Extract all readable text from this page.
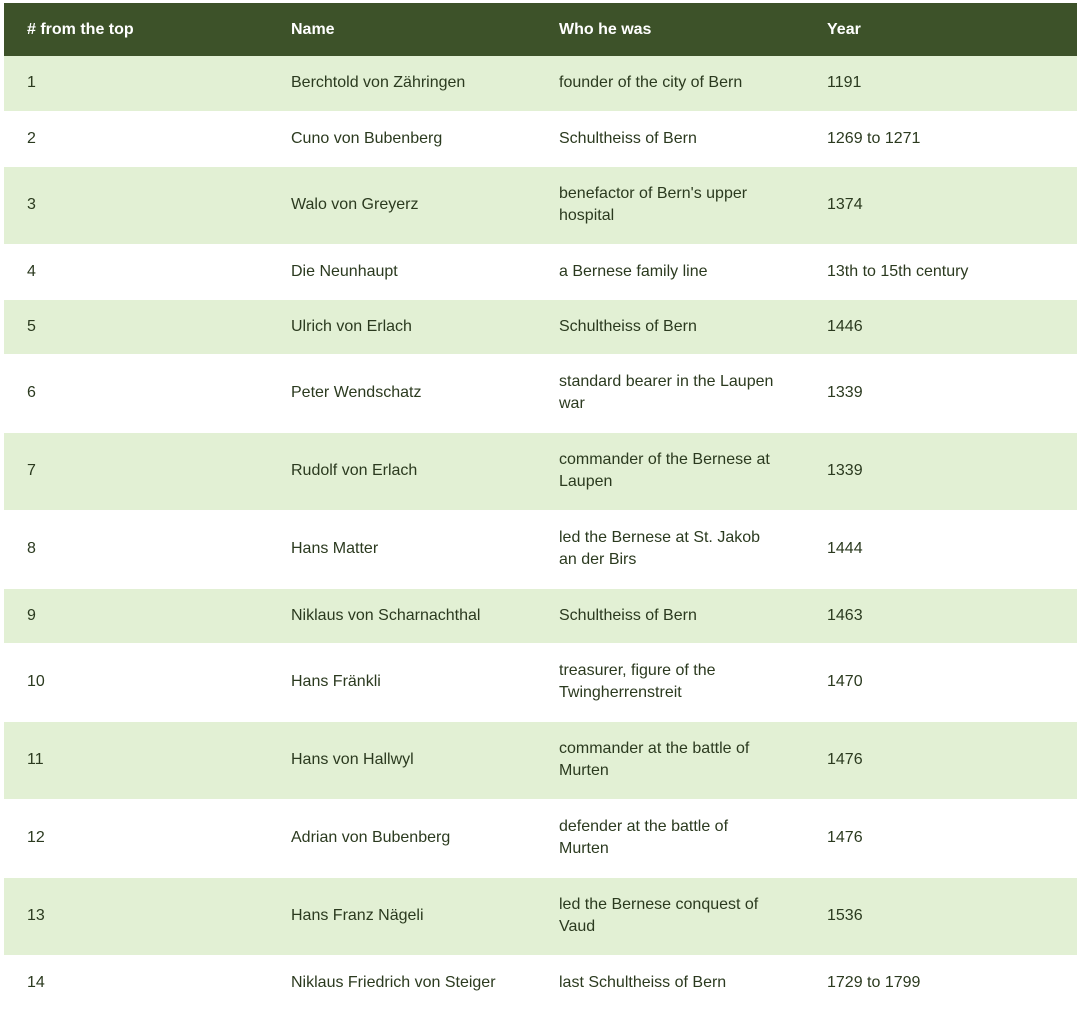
# from the top	Name	Who he was	Year
1	Berchtold von Zähringen	founder of the city of Bern	1191
2	Cuno von Bubenberg	Schultheiss of Bern	1269 to 1271
3	Walo von Greyerz	benefactor of Bern's upper hospital	1374
4	Die Neunhaupt	a Bernese family line	13th to 15th century
5	Ulrich von Erlach	Schultheiss of Bern	1446
6	Peter Wendschatz	standard bearer in the Laupen war	1339
7	Rudolf von Erlach	commander of the Bernese at Laupen	1339
8	Hans Matter	led the Bernese at St. Jakob an der Birs	1444
9	Niklaus von Scharnachthal	Schultheiss of Bern	1463
10	Hans Fränkli	treasurer, figure of the Twingherrenstreit	1470
11	Hans von Hallwyl	commander at the battle of Murten	1476
12	Adrian von Bubenberg	defender at the battle of Murten	1476
13	Hans Franz Nägeli	led the Bernese conquest of Vaud	1536
14	Niklaus Friedrich von Steiger	last Schultheiss of Bern	1729 to 1799
